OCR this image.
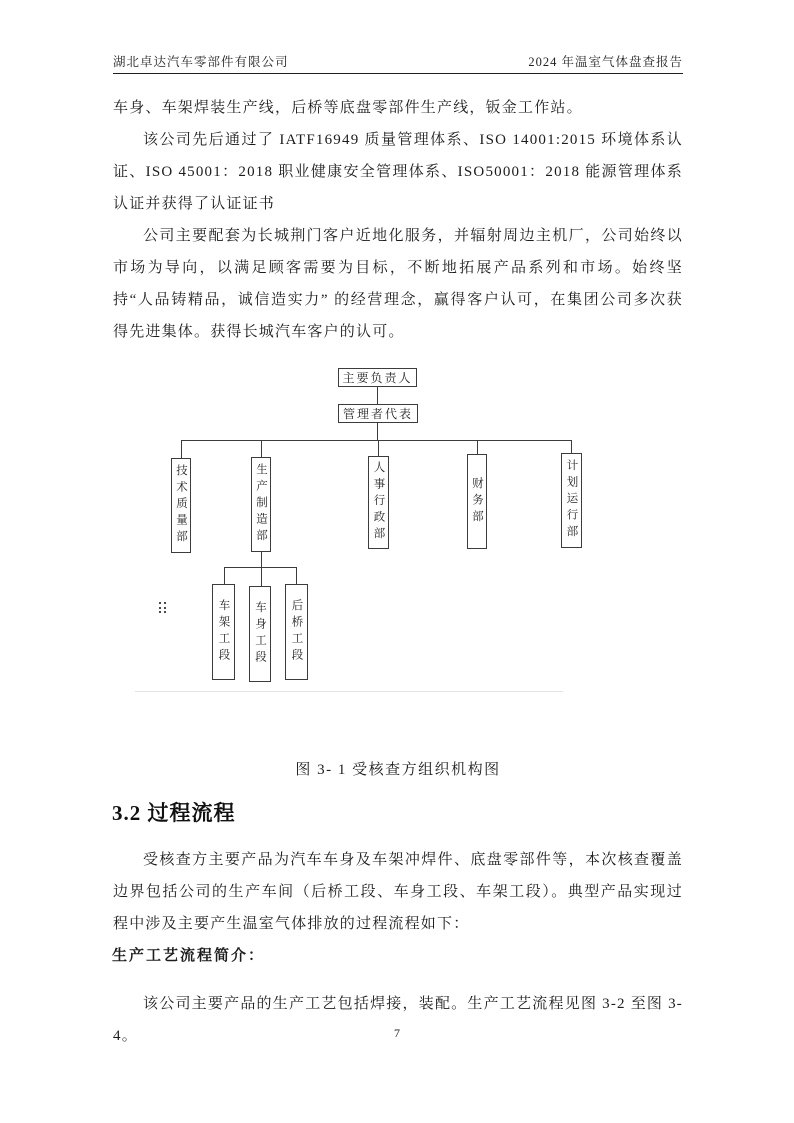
湖北卓达汽车零部件有限公司	2024 年温室气体盘查报告

车身、车架焊装生产线，后桥等底盘零部件生产线，钣金工作站。

该公司先后通过了 IATF16949 质量管理体系、ISO 14001:2015 环境体系认证、ISO 45001：2018 职业健康安全管理体系、ISO50001：2018 能源管理体系认证并获得了认证证书

公司主要配套为长城荆门客户近地化服务，并辐射周边主机厂，公司始终以市场为导向，以满足顾客需要为目标，不断地拓展产品系列和市场。始终坚持“人品铸精品，诚信造实力” 的经营理念，赢得客户认可，在集团公司多次获得先进集体。获得长城汽车客户的认可。

主要负责人
管理者代表
技术质量部	生产制造部	人事行政部	财务部	计划运行部
车架工段	车身工段	后桥工段
图 3- 1 受核查方组织机构图
3.2 过程流程

受核查方主要产品为汽车车身及车架冲焊件、底盘零部件等，本次核查覆盖边界包括公司的生产车间（后桥工段、车身工段、车架工段）。典型产品实现过程中涉及主要产生温室气体排放的过程流程如下：

生产工艺流程简介：

该公司主要产品的生产工艺包括焊接，装配。生产工艺流程见图 3-2 至图 3-4。	7
